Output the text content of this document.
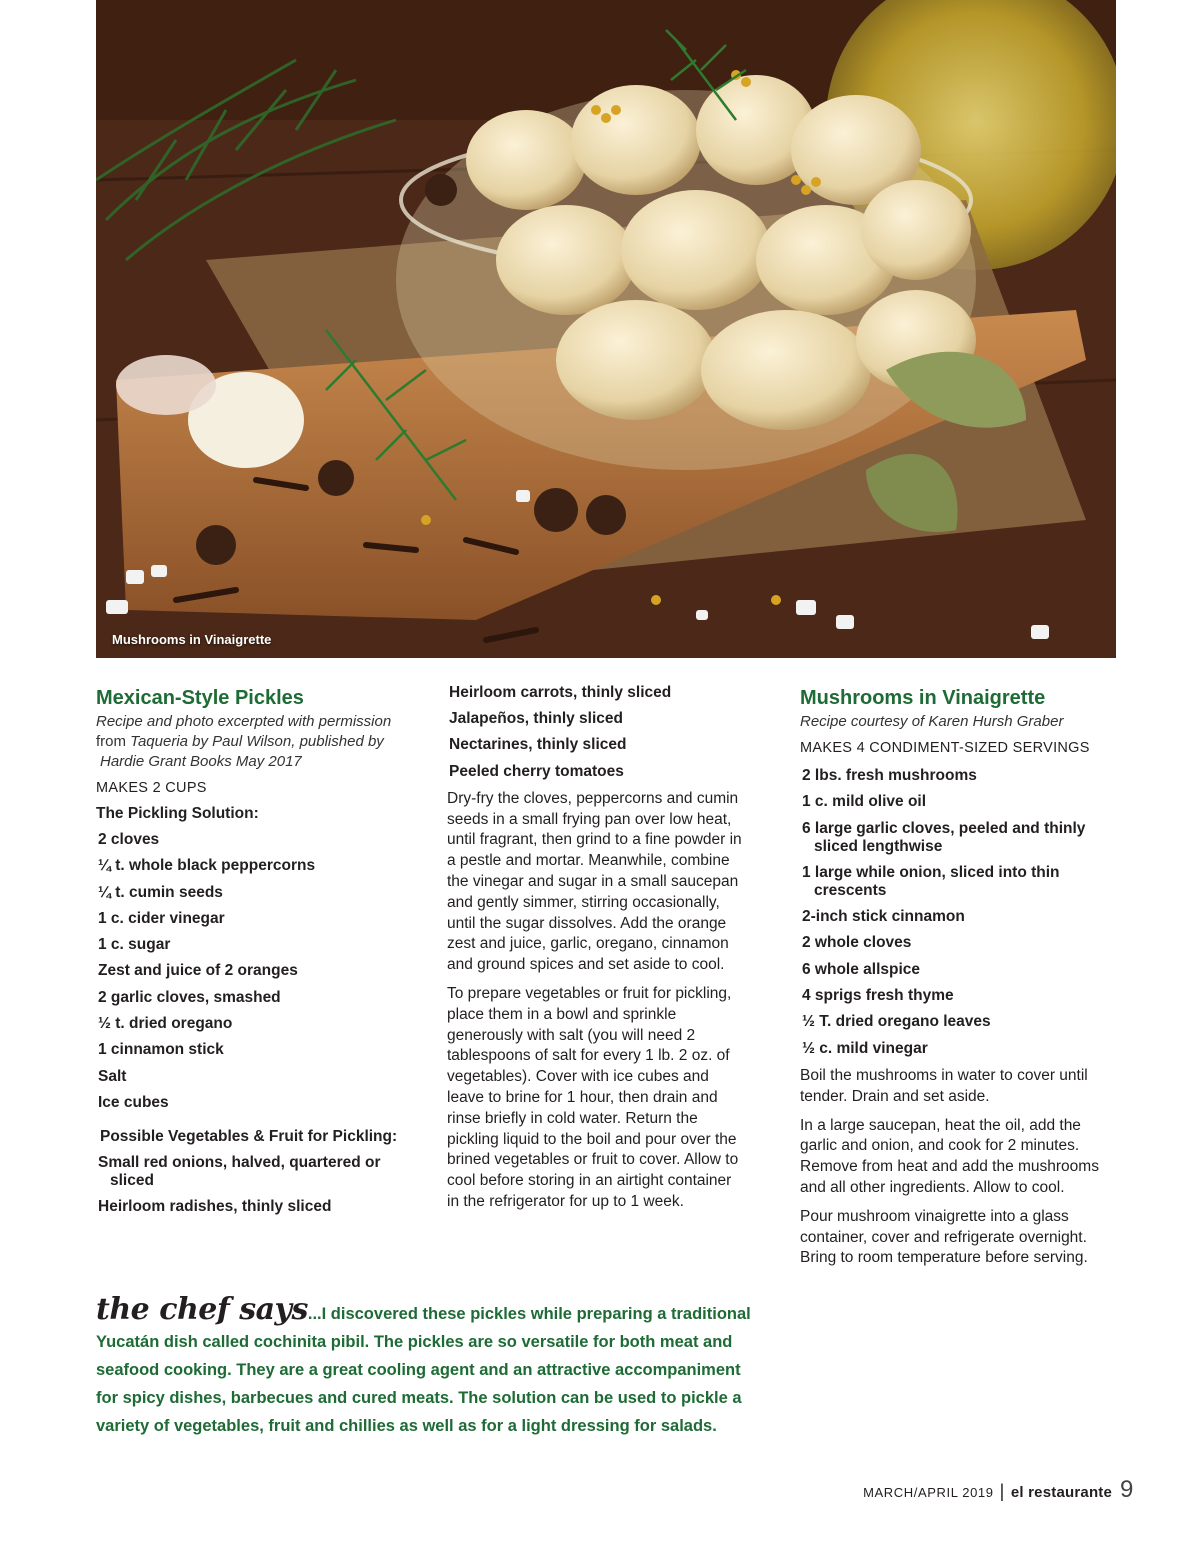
Mushrooms in Vinaigrette
Mexican-Style Pickles
Recipe and photo excerpted with permission
from Taqueria by Paul Wilson, published by
Hardie Grant Books May 2017
MAKES 2 CUPS
The Pickling Solution:
2 cloves
¼ t. whole black peppercorns
¼ t. cumin seeds
1 c. cider vinegar
1 c. sugar
Zest and juice of 2 oranges
2 garlic cloves, smashed
½ t. dried oregano
1 cinnamon stick
Salt
Ice cubes
Possible Vegetables & Fruit for Pickling:
Small red onions, halved, quartered or sliced
Heirloom radishes, thinly sliced
Heirloom carrots, thinly sliced
Jalapeños, thinly sliced
Nectarines, thinly sliced
Peeled cherry tomatoes

Dry-fry the cloves, peppercorns and cumin seeds in a small frying pan over low heat, until fragrant, then grind to a fine powder in a pestle and mortar. Meanwhile, combine the vinegar and sugar in a small saucepan and gently simmer, stirring occasionally, until the sugar dissolves. Add the orange zest and juice, garlic, oregano, cinnamon and ground spices and set aside to cool.

To prepare vegetables or fruit for pickling, place them in a bowl and sprinkle generously with salt (you will need 2 tablespoons of salt for every 1 lb. 2 oz. of vegetables). Cover with ice cubes and leave to brine for 1 hour, then drain and rinse briefly in cold water. Return the pickling liquid to the boil and pour over the brined vegetables or fruit to cover. Allow to cool before storing in an airtight container in the refrigerator for up to 1 week.

Mushrooms in Vinaigrette
Recipe courtesy of Karen Hursh Graber
MAKES 4 CONDIMENT-SIZED SERVINGS
2 lbs. fresh mushrooms
1 c. mild olive oil
6 large garlic cloves, peeled and thinly sliced lengthwise
1 large while onion, sliced into thin crescents
2-inch stick cinnamon
2 whole cloves
6 whole allspice
4 sprigs fresh thyme
½ T. dried oregano leaves
½ c. mild vinegar

Boil the mushrooms in water to cover until tender. Drain and set aside.

In a large saucepan, heat the oil, add the garlic and onion, and cook for 2 minutes. Remove from heat and add the mushrooms and all other ingredients. Allow to cool.

Pour mushroom vinaigrette into a glass container, cover and refrigerate overnight. Bring to room temperature before serving.

the chef says...I discovered these pickles while preparing a traditional Yucatán dish called cochinita pibil. The pickles are so versatile for both meat and seafood cooking. They are a great cooling agent and an attractive accompaniment for spicy dishes, barbecues and cured meats. The solution can be used to pickle a variety of vegetables, fruit and chillies as well as for a light dressing for salads.
MARCH/APRIL 2019 | el restaurante 9
